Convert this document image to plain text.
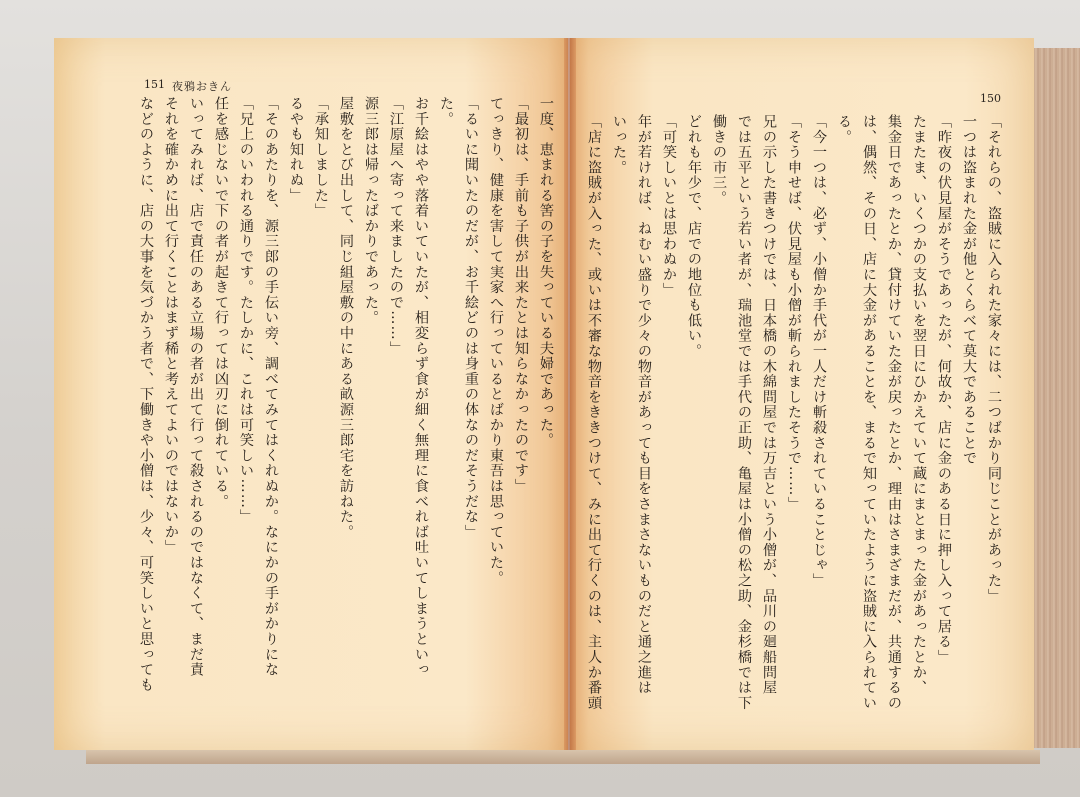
151 夜鴉おきん
150
一度、恵まれる筈の子を失っている夫婦であった。
「最初は、手前も子供が出来たとは知らなかったのです」
てっきり、健康を害して実家へ行っているとばかり東吾は思っていた。
「るいに聞いたのだが、お千絵どのは身重の体なのだそうだな」
た。
お千絵はやや落着いていたが、相変らず食が細く無理に食べれば吐いてしまうといっ
「江原屋へ寄って来ましたので……」
源三郎は帰ったばかりであった。
屋敷をとび出して、同じ組屋敷の中にある畝源三郎宅を訪ねた。
「承知しました」
るやも知れぬ」
「そのあたりを、源三郎の手伝い旁、調べてみてはくれぬか。なにかの手がかりにな
「兄上のいわれる通りです。たしかに、これは可笑しい……」
任を感じないで下の者が起きて行っては凶刃に倒れている。
いってみれば、店で責任のある立場の者が出て行って殺されるのではなくて、まだ責
それを確かめに出て行くことはまず稀と考えてよいのではないか」
などのように、店の大事を気づかう者で、下働きや小僧は、少々、可笑しいと思っても	「それらの、盗賊に入られた家々には、二つばかり同じことがあった」
一つは盗まれた金が他とくらべて莫大であることで
「昨夜の伏見屋がそうであったが、何故か、店に金のある日に押し入って居る」
たまたま、いくつかの支払いを翌日にひかえていて蔵にまとまった金があったとか、
集金日であったとか、貸付けていた金が戻ったとか、理由はさまざまだが、共通するの
は、偶然、その日、店に大金があることを、まるで知っていたように盗賊に入られてい
る。
「今一つは、必ず、小僧か手代が一人だけ斬殺されていることじゃ」
「そう申せば、伏見屋も小僧が斬られましたそうで……」
兄の示した書きつけでは、日本橋の木綿問屋では万吉という小僧が、品川の廻船問屋
では五平という若い者が、瑞池堂では手代の正助、亀屋は小僧の松之助、金杉橋では下
働きの市三。
どれも年少で、店での地位も低い。
「可笑しいとは思わぬか」
年が若ければ、ねむい盛りで少々の物音があっても目をさまさないものだと通之進は
いった。
「店に盗賊が入った、或いは不審な物音をききつけて、みに出て行くのは、主人か番頭
